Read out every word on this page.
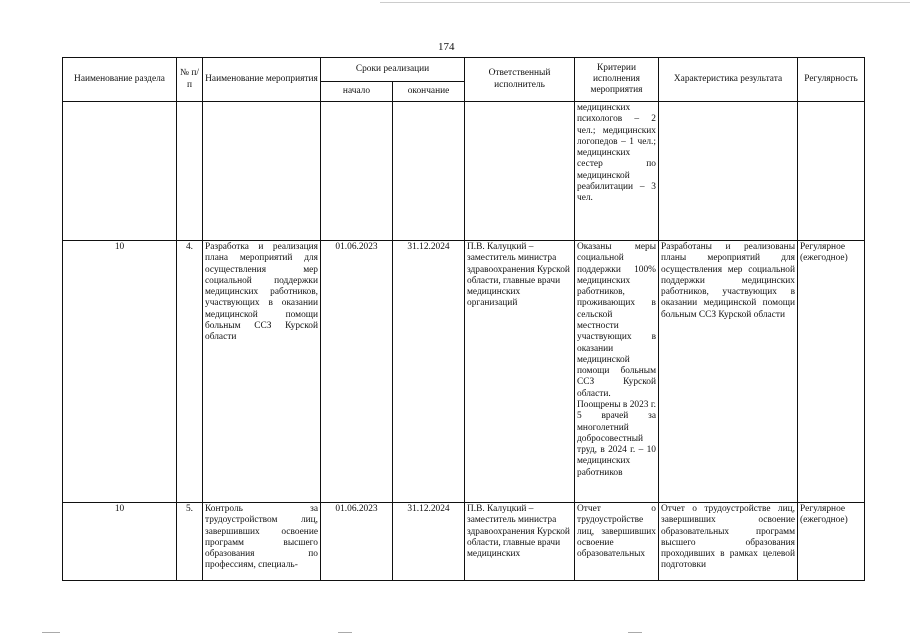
174
Наименование раздела	№ п/п	Наименование мероприятия	Сроки реализации		Ответственный исполнитель	Критерии исполнения мероприятия	Характеристика результата	Регулярность
			начало	окончание				
						медицинских психологов – 2 чел.; медицинских логопедов – 1 чел.; медицинских сестер по медицинской реабилитации – 3 чел.		
10	4.	Разработка и реализация плана мероприятий для осуществления мер социальной поддержки медицинских работников, участвующих в оказании медицинской помощи больным ССЗ Курской области	01.06.2023	31.12.2024	П.В. Калуцкий – заместитель министра здравоохранения Курской области, главные врачи медицинских организаций	Оказаны меры социальной поддержки 100% медицинских работников, проживающих в сельской местности участвующих в оказании медицинской помощи больным ССЗ Курской области. Поощрены в 2023 г. 5 врачей за многолетний добросовестный труд, в 2024 г. – 10 медицинских работников	Разработаны и реализованы планы мероприятий для осуществления мер социальной поддержки медицинских работников, участвующих в оказании медицинской помощи больным ССЗ Курской области	Регулярное (ежегодное)
10	5.	Контроль за трудоустройством лиц, завершивших освоение программ высшего образования по профессиям, специаль-	01.06.2023	31.12.2024	П.В. Калуцкий – заместитель министра здравоохранения Курской области, главные врачи медицинских	Отчет о трудоустройстве лиц, завершивших освоение образовательных	Отчет о трудоустройстве лиц, завершивших освоение образовательных программ высшего образования проходивших в рамках целевой подготовки	Регулярное (ежегодное)
